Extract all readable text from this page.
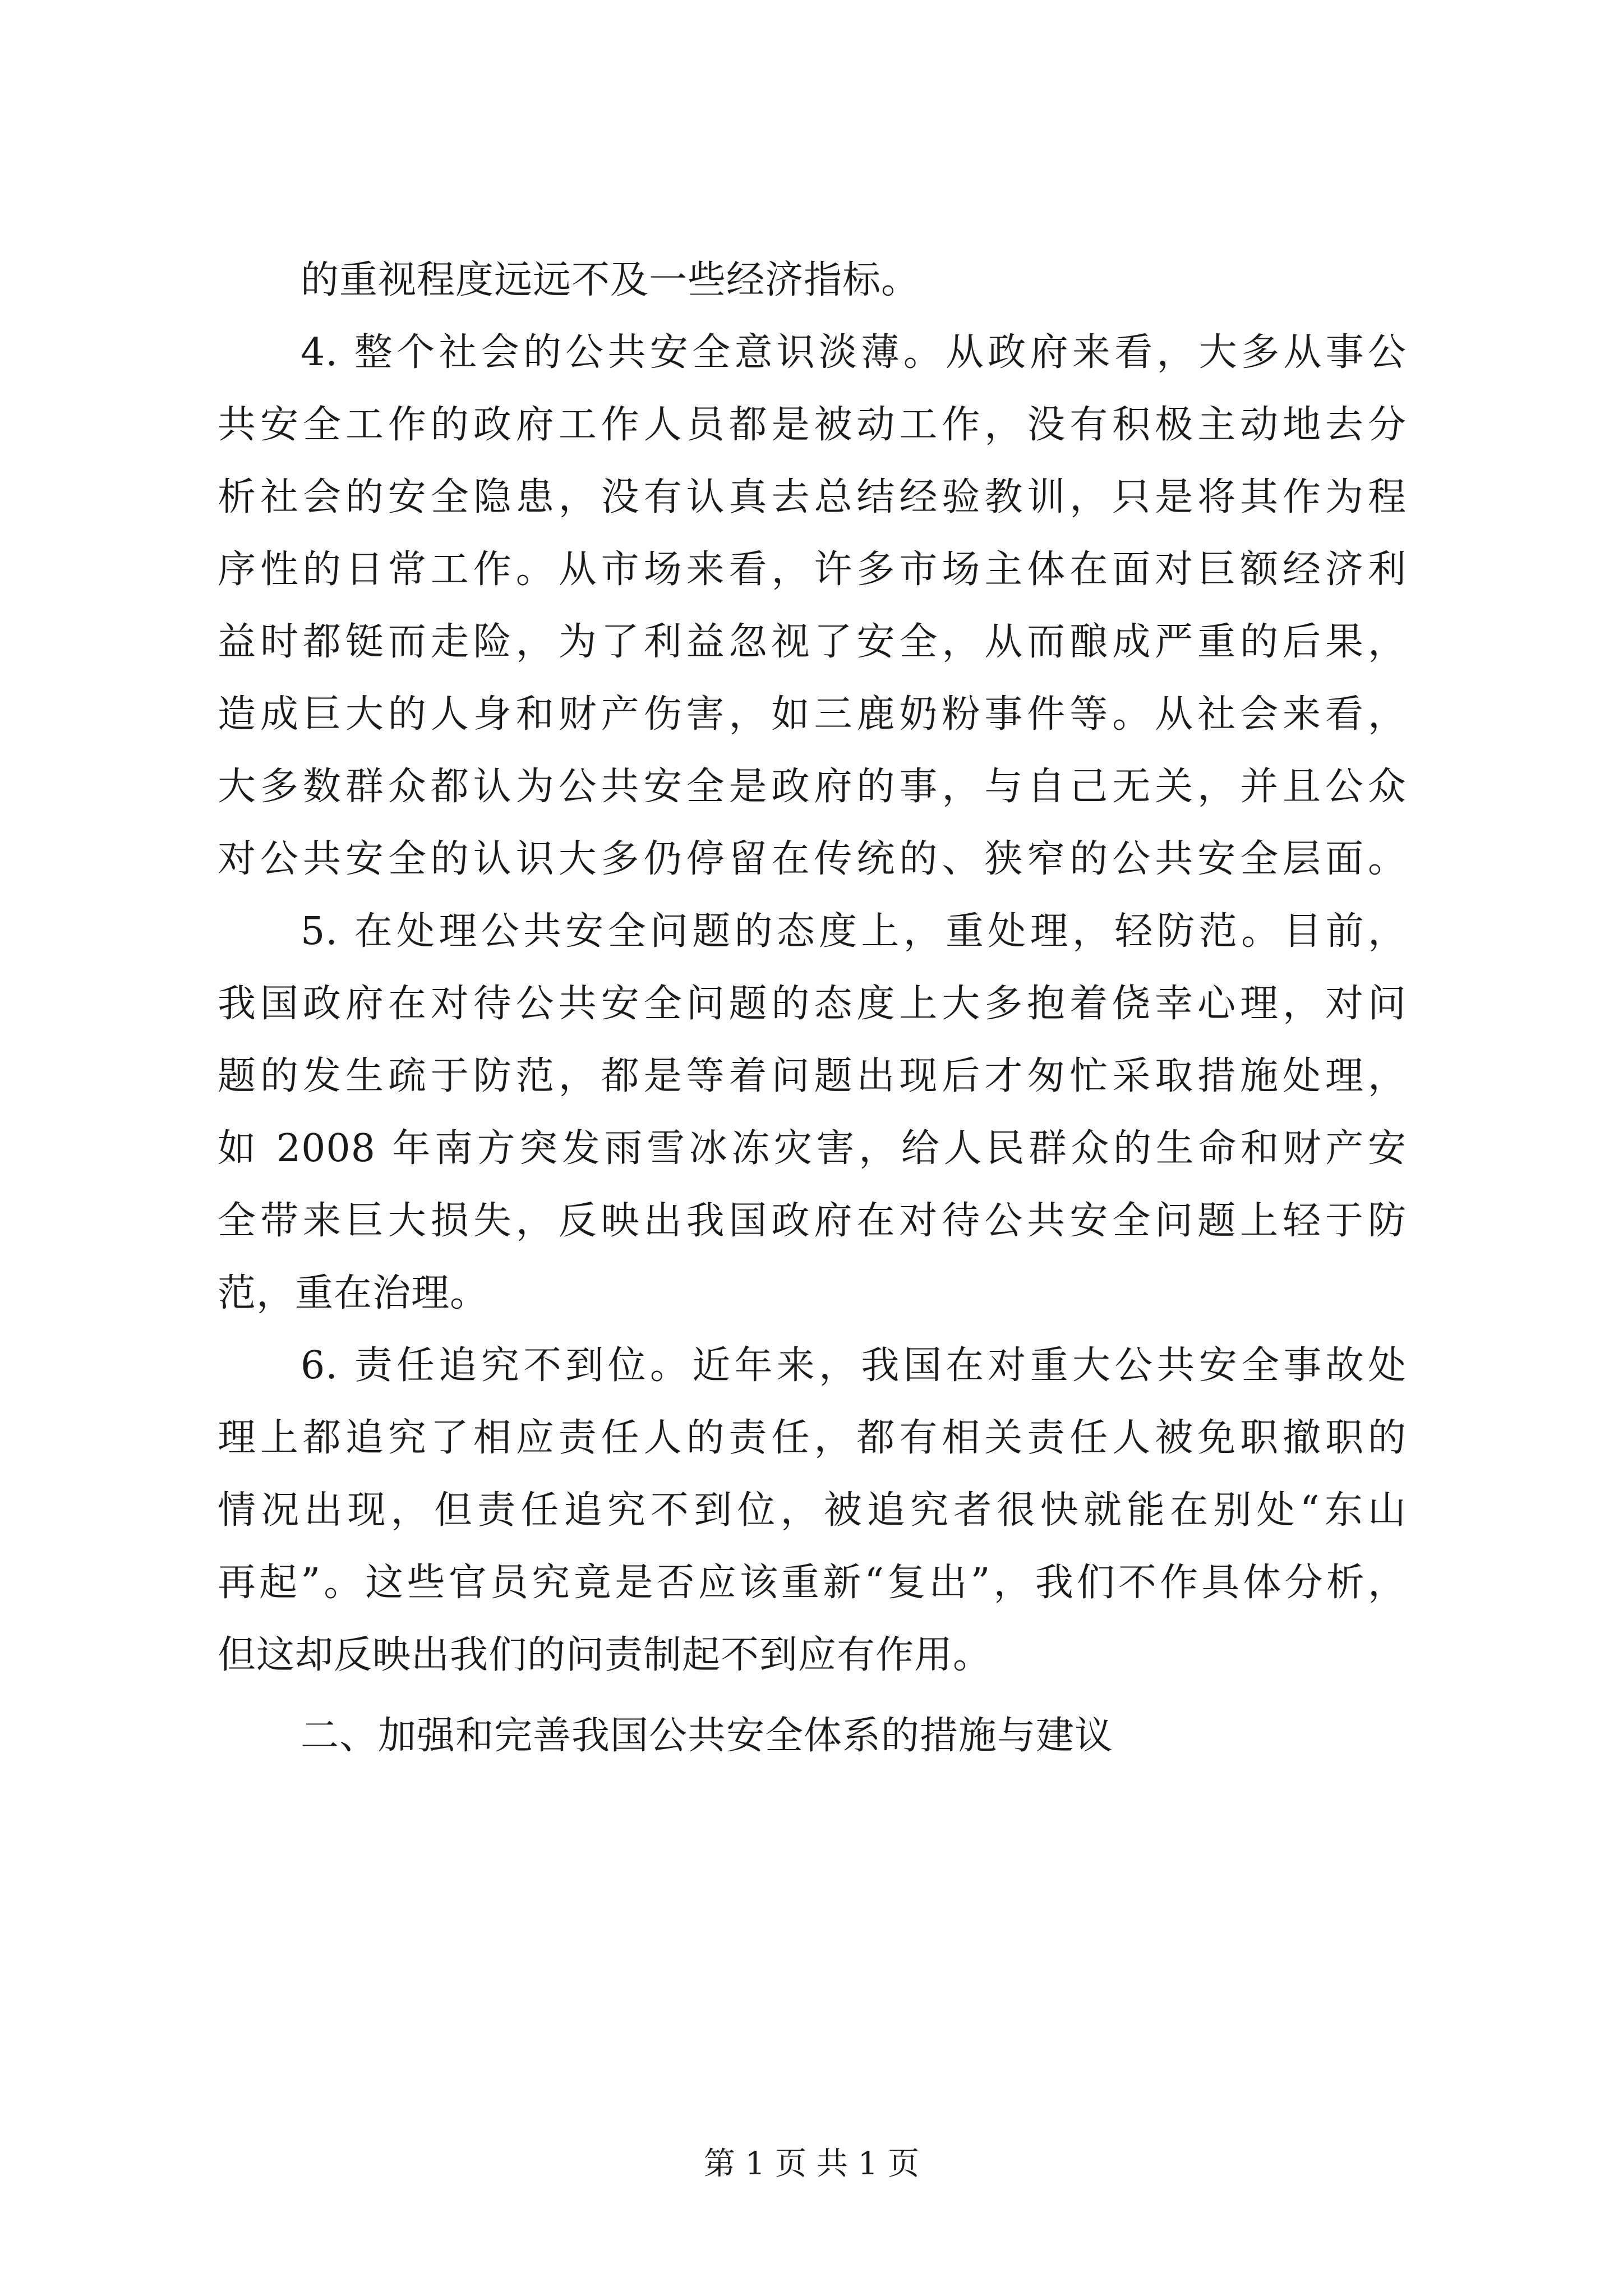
的重视程度远远不及一些经济指标。
4. 整个社会的公共安全意识淡薄。从政府来看，大多从事公
共安全工作的政府工作人员都是被动工作，没有积极主动地去分
析社会的安全隐患，没有认真去总结经验教训，只是将其作为程
序性的日常工作。从市场来看，许多市场主体在面对巨额经济利
益时都铤而走险，为了利益忽视了安全，从而酿成严重的后果，
造成巨大的人身和财产伤害，如三鹿奶粉事件等。从社会来看，
大多数群众都认为公共安全是政府的事，与自己无关，并且公众
对公共安全的认识大多仍停留在传统的、狭窄的公共安全层面。
5. 在处理公共安全问题的态度上，重处理，轻防范。目前，
我国政府在对待公共安全问题的态度上大多抱着侥幸心理，对问
题的发生疏于防范，都是等着问题出现后才匆忙采取措施处理，
如 2008 年南方突发雨雪冰冻灾害，给人民群众的生命和财产安
全带来巨大损失，反映出我国政府在对待公共安全问题上轻于防
范，重在治理。
6. 责任追究不到位。近年来，我国在对重大公共安全事故处
理上都追究了相应责任人的责任，都有相关责任人被免职撤职的
情况出现，但责任追究不到位，被追究者很快就能在别处“东山
再起”。这些官员究竟是否应该重新“复出”，我们不作具体分析，
但这却反映出我们的问责制起不到应有作用。
二、加强和完善我国公共安全体系的措施与建议
第 1 页 共 1 页
